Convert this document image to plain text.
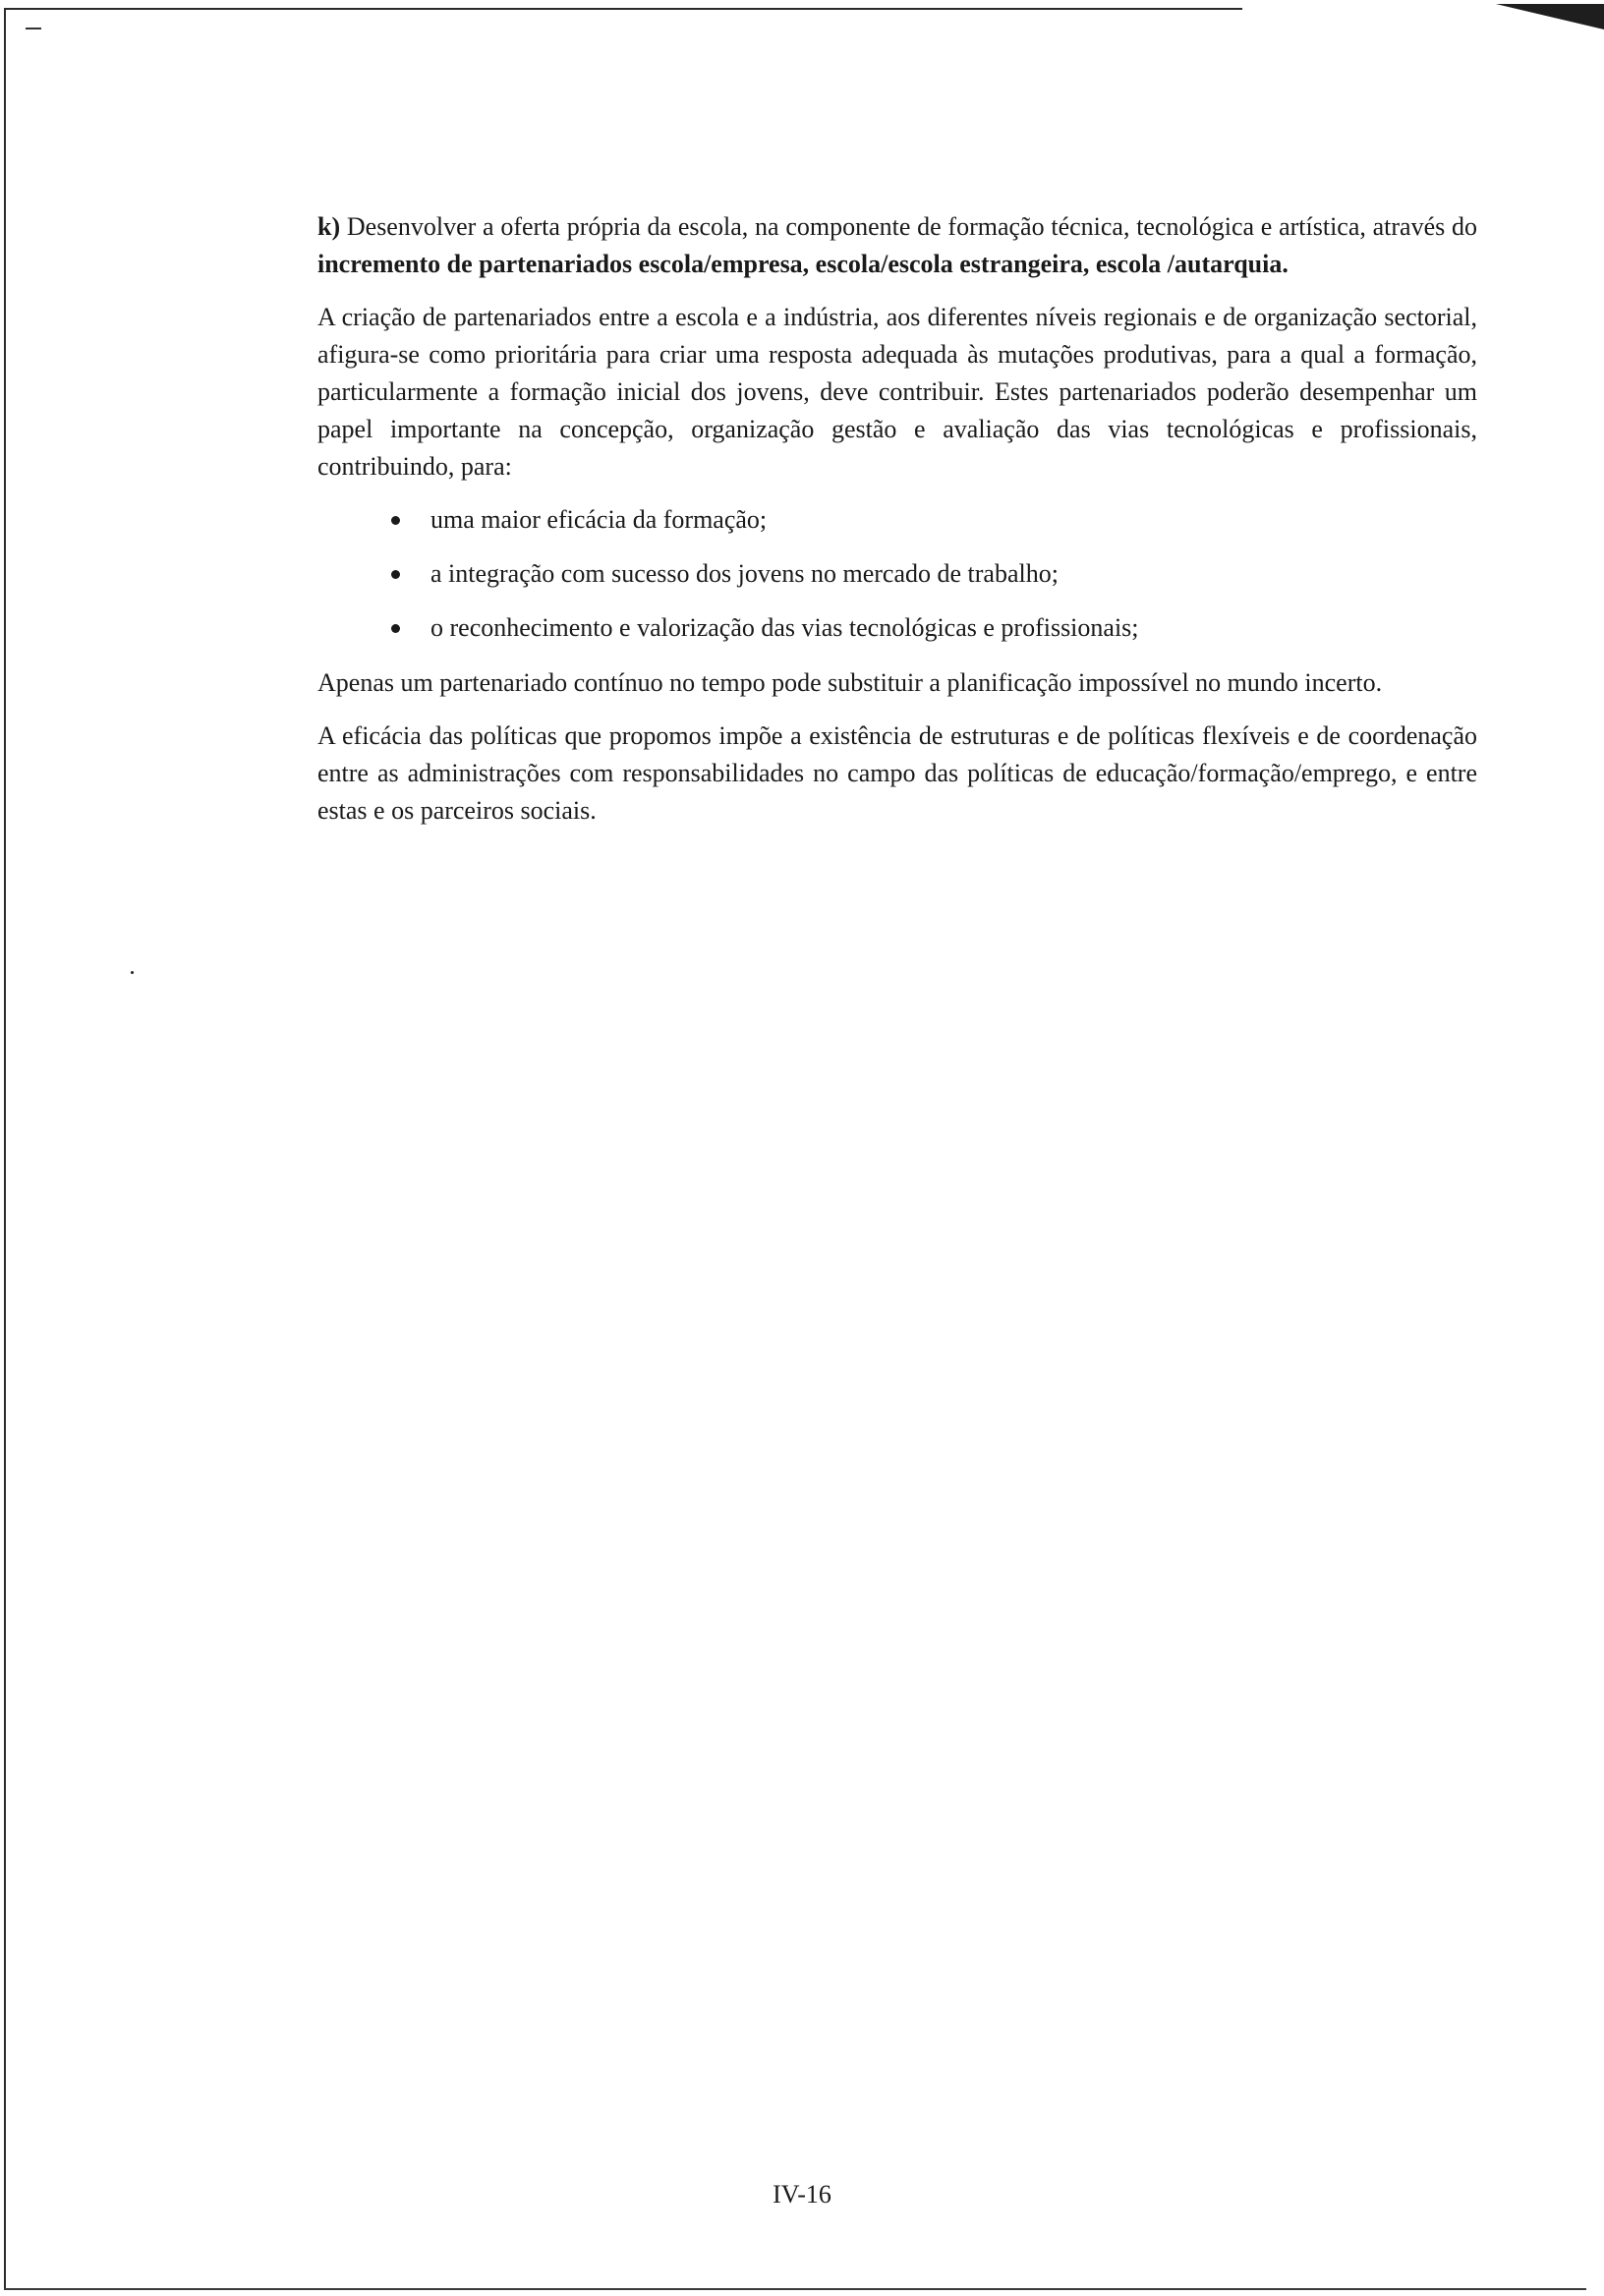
k) Desenvolver a oferta própria da escola, na componente de formação técnica, tecnológica e artística, através do incremento de partenariados escola/empresa, escola/escola estrangeira, escola /autarquia.

A criação de partenariados entre a escola e a indústria, aos diferentes níveis regionais e de organização sectorial, afigura-se como prioritária para criar uma resposta adequada às mutações produtivas, para a qual a formação, particularmente a formação inicial dos jovens, deve contribuir. Estes partenariados poderão desempenhar um papel importante na concepção, organização gestão e avaliação das vias tecnológicas e profissionais, contribuindo, para:

uma maior eficácia da formação;
a integração com sucesso dos jovens no mercado de trabalho;
o reconhecimento e valorização das vias tecnológicas e profissionais;

Apenas um partenariado contínuo no tempo pode substituir a planificação impossível no mundo incerto.

A eficácia das políticas que propomos impõe a existência de estruturas e de políticas flexíveis e de coordenação entre as administrações com responsabilidades no campo das políticas de educação/formação/emprego, e entre estas e os parceiros sociais.

IV-16
